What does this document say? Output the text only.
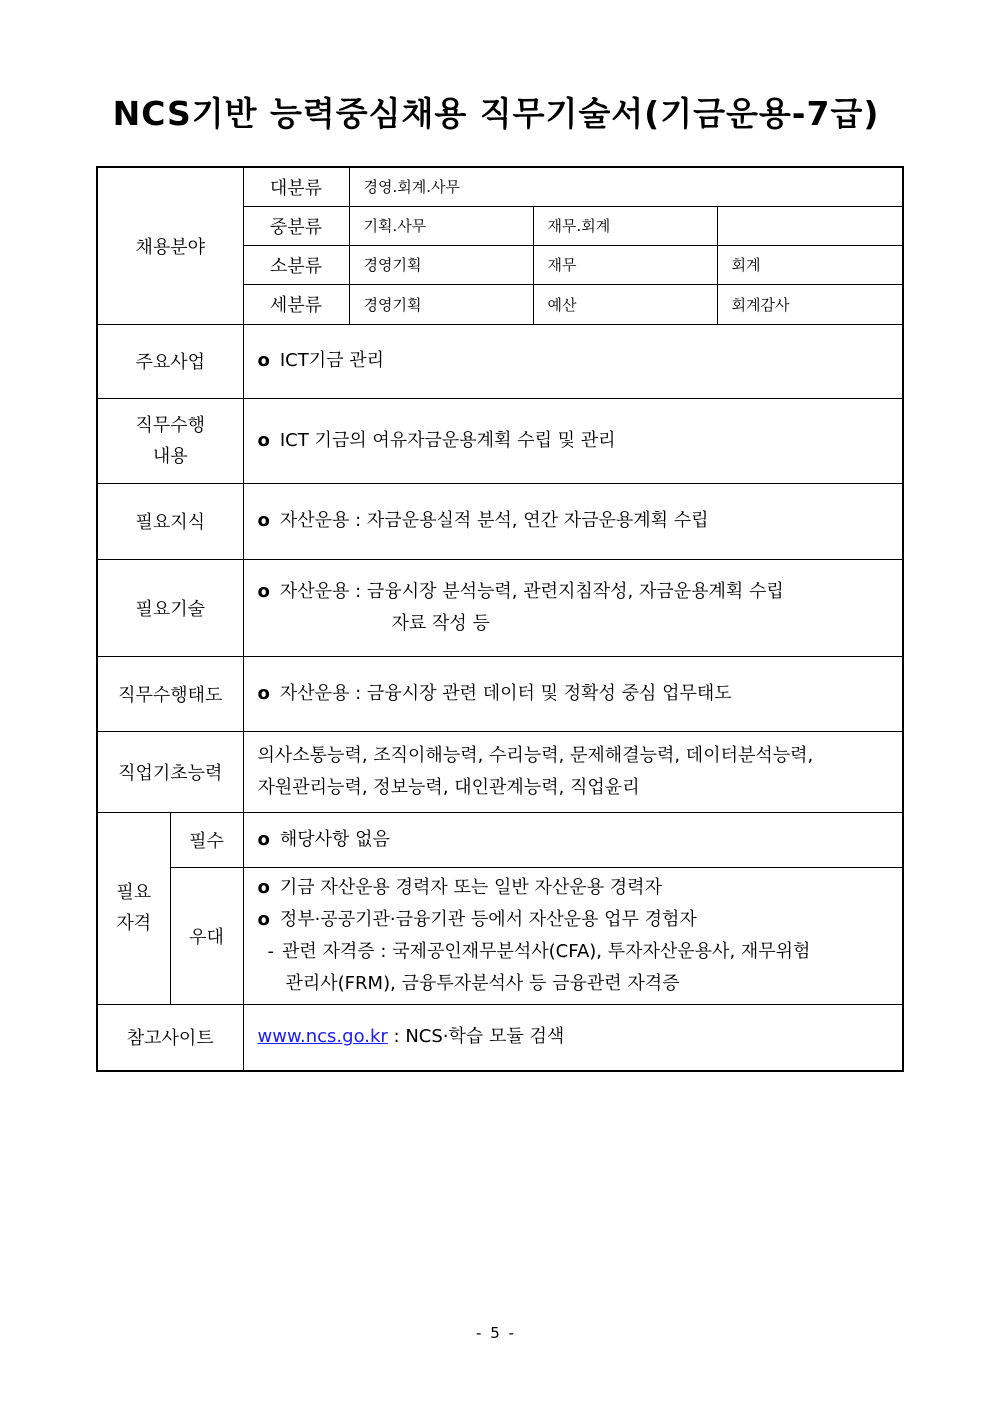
NCS기반 능력중심채용 직무기술서(기금운용-7급)
채용분야		대분류	경영.회계.사무		
		중분류	기획.사무	재무.회계	
		소분류	경영기획	재무	회계
		세분류	경영기획	예산	회계감사
주요사업		o ICT기금 관리			
직무수행
내용		o ICT 기금의 여유자금운용계획 수립 및 관리			
필요지식		o 자산운용 : 자금운용실적 분석, 연간 자금운용계획 수립			
필요기술		o 자산운용 : 금융시장 분석능력, 관련지침작성, 자금운용계획 수립
자료 작성 등			

직무수행태도		o 자산운용 : 금융시장 관련 데이터 및 정확성 중심 업무태도			
직업기초능력		의사소통능력, 조직이해능력, 수리능력, 문제해결능력, 데이터분석능력,
자원관리능력, 정보능력, 대인관계능력, 직업윤리			

필요
자격	필수	o 해당사항 없음			
	우대	o 기금 자산운용 경력자 또는 일반 자산운용 경력자
o 정부·공공기관·금융기관 등에서 자산운용 업무 경험자
- 관련 자격증 : 국제공인재무분석사(CFA), 투자자산운용사, 재무위험
관리사(FRM), 금융투자분석사 등 금융관련 자격증			

참고사이트		www.ncs.go.kr : NCS·학습 모듈 검색			
- 5 -
